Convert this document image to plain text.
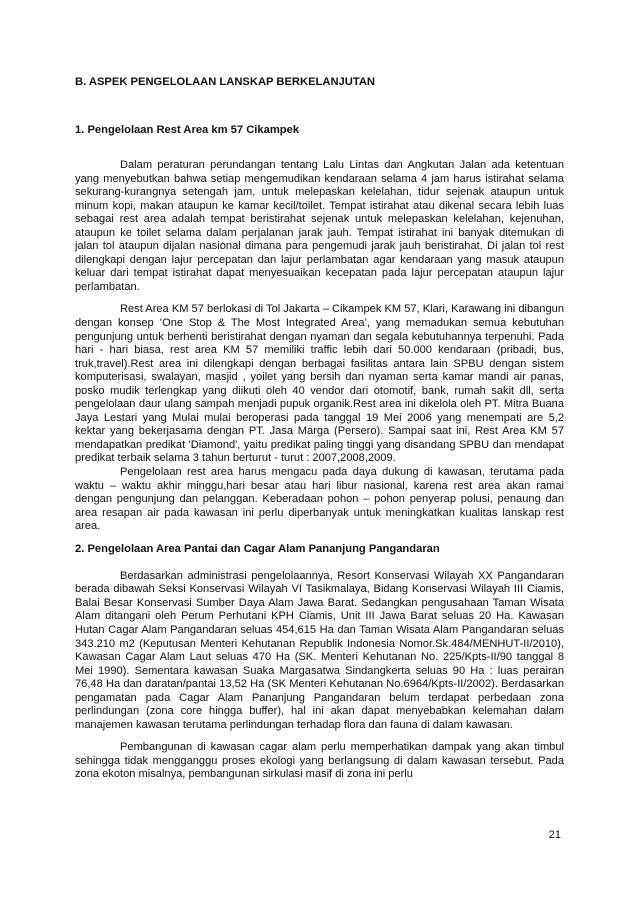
B. ASPEK PENGELOLAAN LANSKAP BERKELANJUTAN

1. Pengelolaan Rest Area km 57 Cikampek

Dalam peraturan perundangan tentang Lalu Lintas dan Angkutan Jalan ada ketentuan yang menyebutkan bahwa setiap mengemudikan kendaraan selama 4 jam harus istirahat selama sekurang-kurangnya setengah jam, untuk melepaskan kelelahan, tidur sejenak ataupun untuk minum kopi, makan ataupun ke kamar kecil/toilet. Tempat istirahat atau dikenal secara lebih luas sebagai rest area adalah tempat beristirahat sejenak untuk melepaskan kelelahan, kejenuhan, ataupun ke toilet selama dalam perjalanan jarak jauh. Tempat istirahat ini banyak ditemukan di jalan tol ataupun dijalan nasional dimana para pengemudi jarak jauh beristirahat. Di jalan tol rest dilengkapi dengan lajur percepatan dan lajur perlambatan agar kendaraan yang masuk ataupun keluar dari tempat istirahat dapat menyesuaikan kecepatan pada lajur percepatan ataupun lajur perlambatan.

Rest Area KM 57 berlokasi di Tol Jakarta – Cikampek KM 57, Klari, Karawang ini dibangun dengan konsep ’One Stop & The Most Integrated Area’, yang memadukan semua kebutuhan pengunjung untuk berhenti beristirahat dengan nyaman dan segala kebutuhannya terpenuhi. Pada hari - hari biasa, rest area KM 57 memiliki traffic lebih dari 50.000 kendaraan (pribadi, bus, truk,travel).Rest area ini dilengkapi dengan berbagai fasilitas antara lain SPBU dengan sistem komputerisasi, swalayan, masjid , yoilet yang bersih dan nyaman serta kamar mandi air panas, posko mudik terlengkap yang diikuti oleh 40 vendor dari otomotif, bank, rumah sakit dll, serta pengelolaan daur ulang sampah menjadi pupuk organik.Rest area ini dikelola oleh PT. Mitra Buana Jaya Lestari yang Mulai mulai beroperasi pada tanggal 19 Mei 2006 yang menempati are 5,2 kektar yang bekerjasama dengan PT. Jasa Marga (Persero). Sampai saat ini, Rest Area KM 57 mendapatkan predikat 'Diamond', yaitu predikat paling tinggi yang disandang SPBU dan mendapat predikat terbaik selama 3 tahun berturut - turut : 2007,2008,2009.

Pengelolaan rest area harus mengacu pada daya dukung di kawasan, terutama pada waktu – waktu akhir minggu,hari besar atau hari libur nasional, karena rest area akan ramai dengan pengunjung dan pelanggan. Keberadaan pohon – pohon penyerap polusi, penaung dan area resapan air pada kawasan ini perlu diperbanyak untuk meningkatkan kualitas lanskap rest area.

2. Pengelolaan Area Pantai dan Cagar Alam Pananjung Pangandaran

Berdasarkan administrasi pengelolaannya, Resort Konservasi Wilayah XX Pangandaran berada dibawah Seksi Konservasi Wilayah VI Tasikmalaya, Bidang Konservasi Wilayah III Ciamis, Balai Besar Konservasi Sumber Daya Alam Jawa Barat. Sedangkan pengusahaan Taman Wisata Alam ditangani oleh Perum Perhutani KPH Ciamis, Unit III Jawa Barat seluas 20 Ha. Kawasan Hutan Cagar Alam Pangandaran seluas 454,615 Ha dan Taman Wisata Alam Pangandaran seluas 343.210 m2 (Keputusan Menteri Kehutanan Republik Indonesia Nomor.Sk.484/MENHUT-II/2010), Kawasan Cagar Alam Laut seluas 470 Ha (SK. Menteri Kehutanan No. 225/Kpts-II/90 tanggal 8 Mei 1990). Sementara kawasan Suaka Margasatwa Sindangkerta seluas 90 Ha : luas perairan 76,48 Ha dan daratan/pantai 13,52 Ha (SK Menteri Kehutanan No.6964/Kpts-II/2002). Berdasarkan pengamatan pada Cagar Alam Pananjung Pangandaran belum terdapat perbedaan zona perlindungan (zona core hingga buffer), hal ini akan dapat menyebabkan kelemahan dalam manajemen kawasan terutama perlindungan terhadap flora dan fauna di dalam kawasan.

Pembangunan di kawasan cagar alam perlu memperhatikan dampak yang akan timbul sehingga tidak mengganggu proses ekologi yang berlangsung di dalam kawasan tersebut. Pada zona ekoton misalnya, pembangunan sirkulasi masif di zona ini perlu

21
